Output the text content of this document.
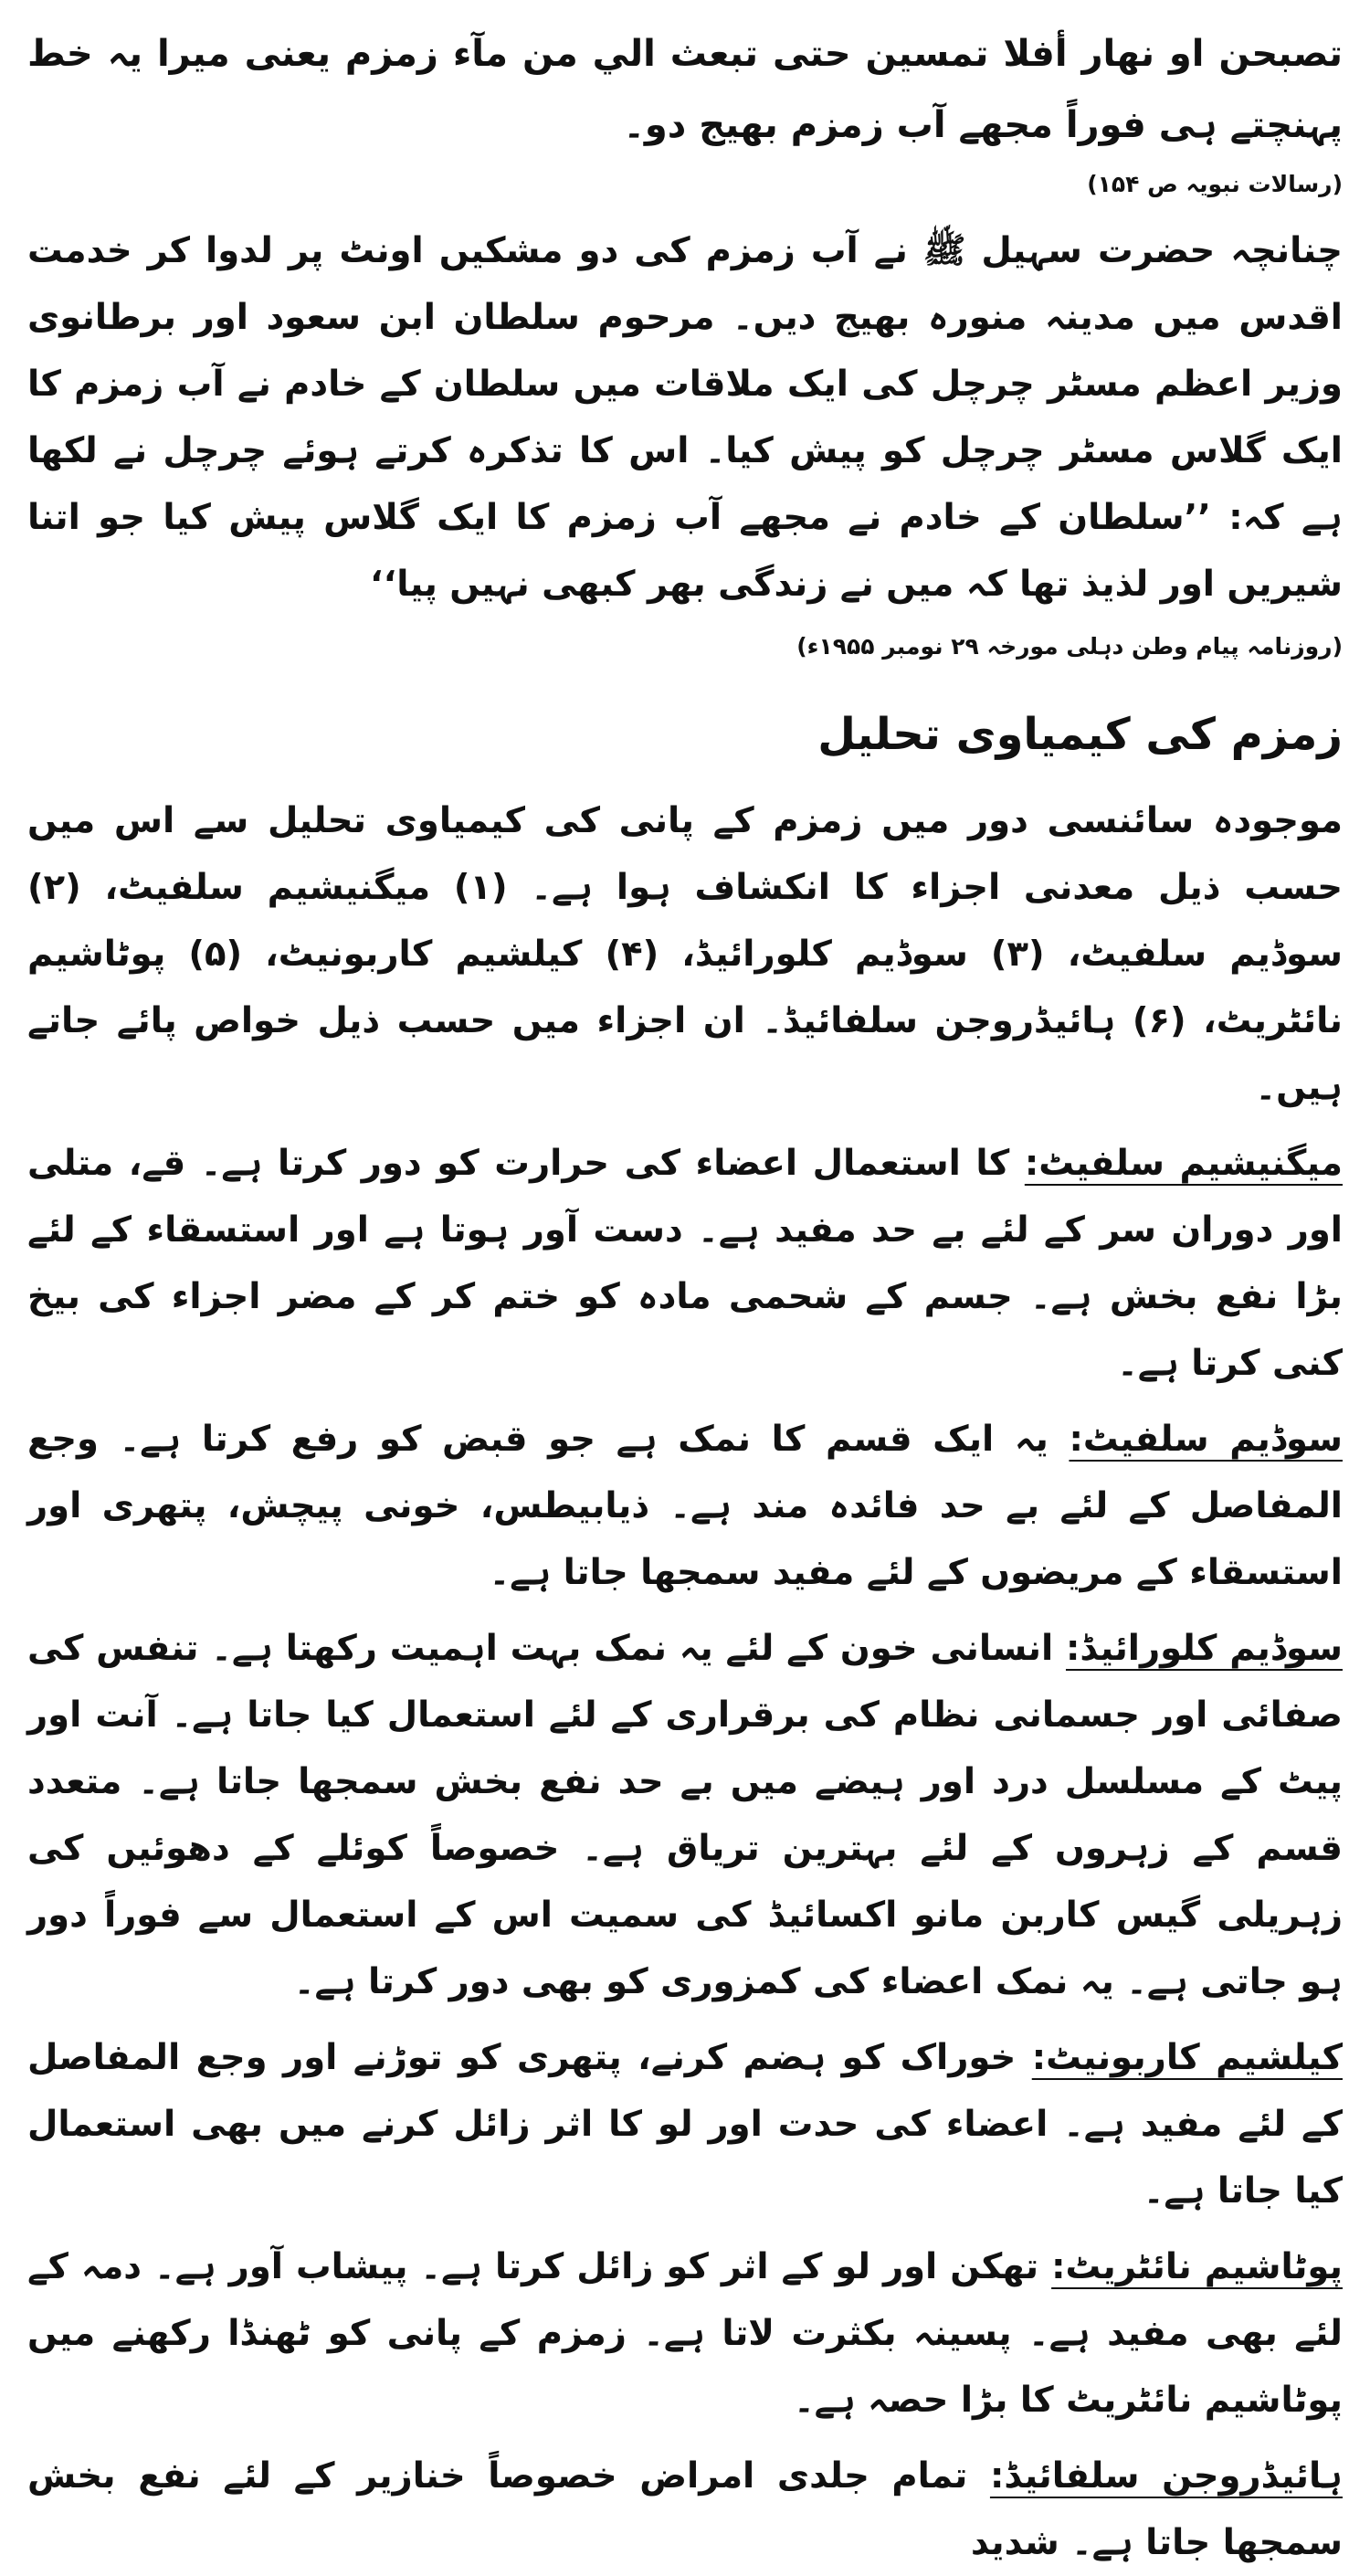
تصبحن او نهار أفلا تمسين حتى تبعث الي من مآء زمزم یعنی میرا یہ خط پہنچتے ہی فوراً مجھے آب زمزم بھیج دو۔

(رسالات نبویہ ص ۱۵۴)

چنانچہ حضرت سہیل ﷺ نے آب زمزم کی دو مشکیں اونٹ پر لدوا کر خدمت اقدس میں مدینہ منورہ بھیج دیں۔ مرحوم سلطان ابن سعود اور برطانوی وزیر اعظم مسٹر چرچل کی ایک ملاقات میں سلطان کے خادم نے آب زمزم کا ایک گلاس مسٹر چرچل کو پیش کیا۔ اس کا تذکرہ کرتے ہوئے چرچل نے لکھا ہے کہ: ’’سلطان کے خادم نے مجھے آب زمزم کا ایک گلاس پیش کیا جو اتنا شیریں اور لذیذ تھا کہ میں نے زندگی بھر کبھی نہیں پیا‘‘

(روزنامہ پیام وطن دہلی مورخہ ۲۹ نومبر ۱۹۵۵ء)

زمزم کی کیمیاوی تحلیل

موجودہ سائنسی دور میں زمزم کے پانی کی کیمیاوی تحلیل سے اس میں حسب ذیل معدنی اجزاء کا انکشاف ہوا ہے۔ (۱) میگنیشیم سلفیٹ، (۲) سوڈیم سلفیٹ، (۳) سوڈیم کلورائیڈ، (۴) کیلشیم کاربونیٹ، (۵) پوٹاشیم نائٹریٹ، (۶) ہائیڈروجن سلفائیڈ۔ ان اجزاء میں حسب ذیل خواص پائے جاتے ہیں۔

میگنیشیم سلفیٹ: کا استعمال اعضاء کی حرارت کو دور کرتا ہے۔ قے، متلی اور دوران سر کے لئے بے حد مفید ہے۔ دست آور ہوتا ہے اور استسقاء کے لئے بڑا نفع بخش ہے۔ جسم کے شحمی مادہ کو ختم کر کے مضر اجزاء کی بیخ کنی کرتا ہے۔

سوڈیم سلفیٹ: یہ ایک قسم کا نمک ہے جو قبض کو رفع کرتا ہے۔ وجع المفاصل کے لئے بے حد فائدہ مند ہے۔ ذیابیطس، خونی پیچش، پتھری اور استسقاء کے مریضوں کے لئے مفید سمجھا جاتا ہے۔

سوڈیم کلورائیڈ: انسانی خون کے لئے یہ نمک بہت اہمیت رکھتا ہے۔ تنفس کی صفائی اور جسمانی نظام کی برقراری کے لئے استعمال کیا جاتا ہے۔ آنت اور پیٹ کے مسلسل درد اور ہیضے میں بے حد نفع بخش سمجھا جاتا ہے۔ متعدد قسم کے زہروں کے لئے بہترین تریاق ہے۔ خصوصاً کوئلے کے دھوئیں کی زہریلی گیس کاربن مانو اکسائیڈ کی سمیت اس کے استعمال سے فوراً دور ہو جاتی ہے۔ یہ نمک اعضاء کی کمزوری کو بھی دور کرتا ہے۔

کیلشیم کاربونیٹ: خوراک کو ہضم کرنے، پتھری کو توڑنے اور وجع المفاصل کے لئے مفید ہے۔ اعضاء کی حدت اور لو کا اثر زائل کرنے میں بھی استعمال کیا جاتا ہے۔

پوٹاشیم نائٹریٹ: تھکن اور لو کے اثر کو زائل کرتا ہے۔ پیشاب آور ہے۔ دمہ کے لئے بھی مفید ہے۔ پسینہ بکثرت لاتا ہے۔ زمزم کے پانی کو ٹھنڈا رکھنے میں پوٹاشیم نائٹریٹ کا بڑا حصہ ہے۔

ہائیڈروجن سلفائیڈ: تمام جلدی امراض خصوصاً خنازیر کے لئے نفع بخش سمجھا جاتا ہے۔ شدید
